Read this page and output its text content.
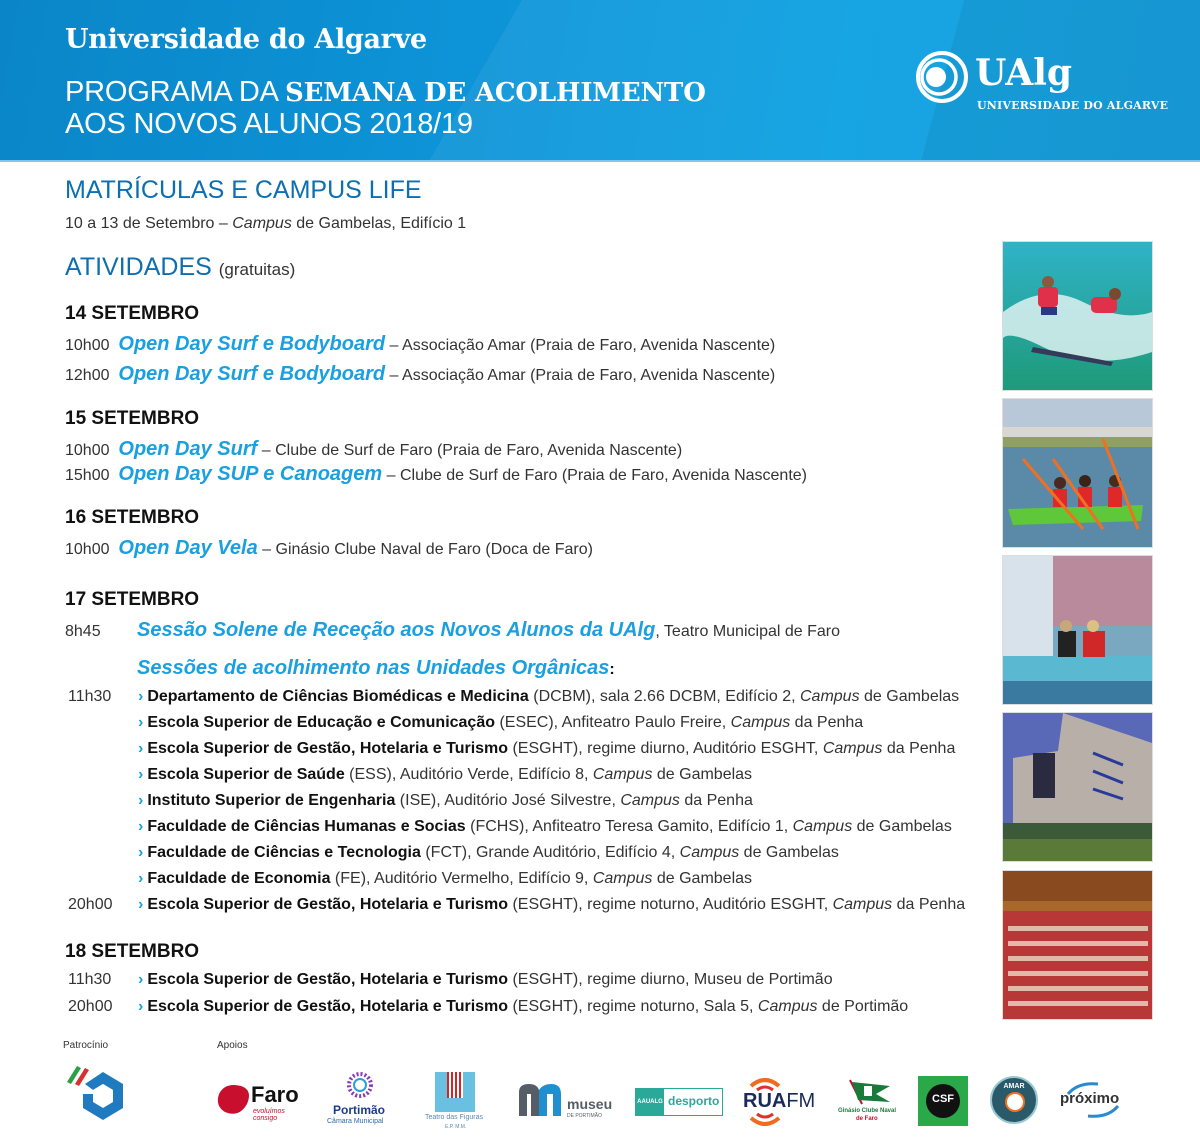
Universidade do Algarve
PROGRAMA DA SEMANA DE ACOLHIMENTO
AOS NOVOS ALUNOS 2018/19
UAlg
UNIVERSIDADE DO ALGARVE
MATRÍCULAS E CAMPUS LIFE
10 a 13 de Setembro – Campus de Gambelas, Edifício 1
ATIVIDADES (gratuitas)
14 SETEMBRO
10h00 Open Day Surf e Bodyboard – Associação Amar (Praia de Faro, Avenida Nascente)
12h00 Open Day Surf e Bodyboard – Associação Amar (Praia de Faro, Avenida Nascente)
15 SETEMBRO
10h00 Open Day Surf – Clube de Surf de Faro (Praia de Faro, Avenida Nascente)
15h00 Open Day SUP e Canoagem – Clube de Surf de Faro (Praia de Faro, Avenida Nascente)
16 SETEMBRO
10h00 Open Day Vela – Ginásio Clube Naval de Faro (Doca de Faro)
17 SETEMBRO
8h45 Sessão Solene de Receção aos Novos Alunos da UAlg, Teatro Municipal de Faro
Sessões de acolhimento nas Unidades Orgânicas:
11h30 › Departamento de Ciências Biomédicas e Medicina (DCBM), sala 2.66 DCBM, Edifício 2, Campus de Gambelas
› Escola Superior de Educação e Comunicação (ESEC), Anfiteatro Paulo Freire, Campus da Penha
› Escola Superior de Gestão, Hotelaria e Turismo (ESGHT), regime diurno, Auditório ESGHT, Campus da Penha
› Escola Superior de Saúde (ESS), Auditório Verde, Edifício 8, Campus de Gambelas
› Instituto Superior de Engenharia (ISE), Auditório José Silvestre, Campus da Penha
› Faculdade de Ciências Humanas e Socias (FCHS), Anfiteatro Teresa Gamito, Edifício 1, Campus de Gambelas
› Faculdade de Ciências e Tecnologia (FCT), Grande Auditório, Edifício 4, Campus de Gambelas
› Faculdade de Economia (FE), Auditório Vermelho, Edifício 9, Campus de Gambelas
20h00 › Escola Superior de Gestão, Hotelaria e Turismo (ESGHT), regime noturno, Auditório ESGHT, Campus da Penha
18 SETEMBRO
11h30 › Escola Superior de Gestão, Hotelaria e Turismo (ESGHT), regime diurno, Museu de Portimão
20h00 › Escola Superior de Gestão, Hotelaria e Turismo (ESGHT), regime noturno, Sala 5, Campus de Portimão
Patrocínio	Apoios
Faro
evoluímos consigo
Portimão
Câmara Municipal
Teatro das Figuras
E.P. M.M.
museu
DE PORTIMÃO
AAUALG desporto RUAFM	Ginásio Clube Naval
de Faro
CSF
AMAR
próximo
